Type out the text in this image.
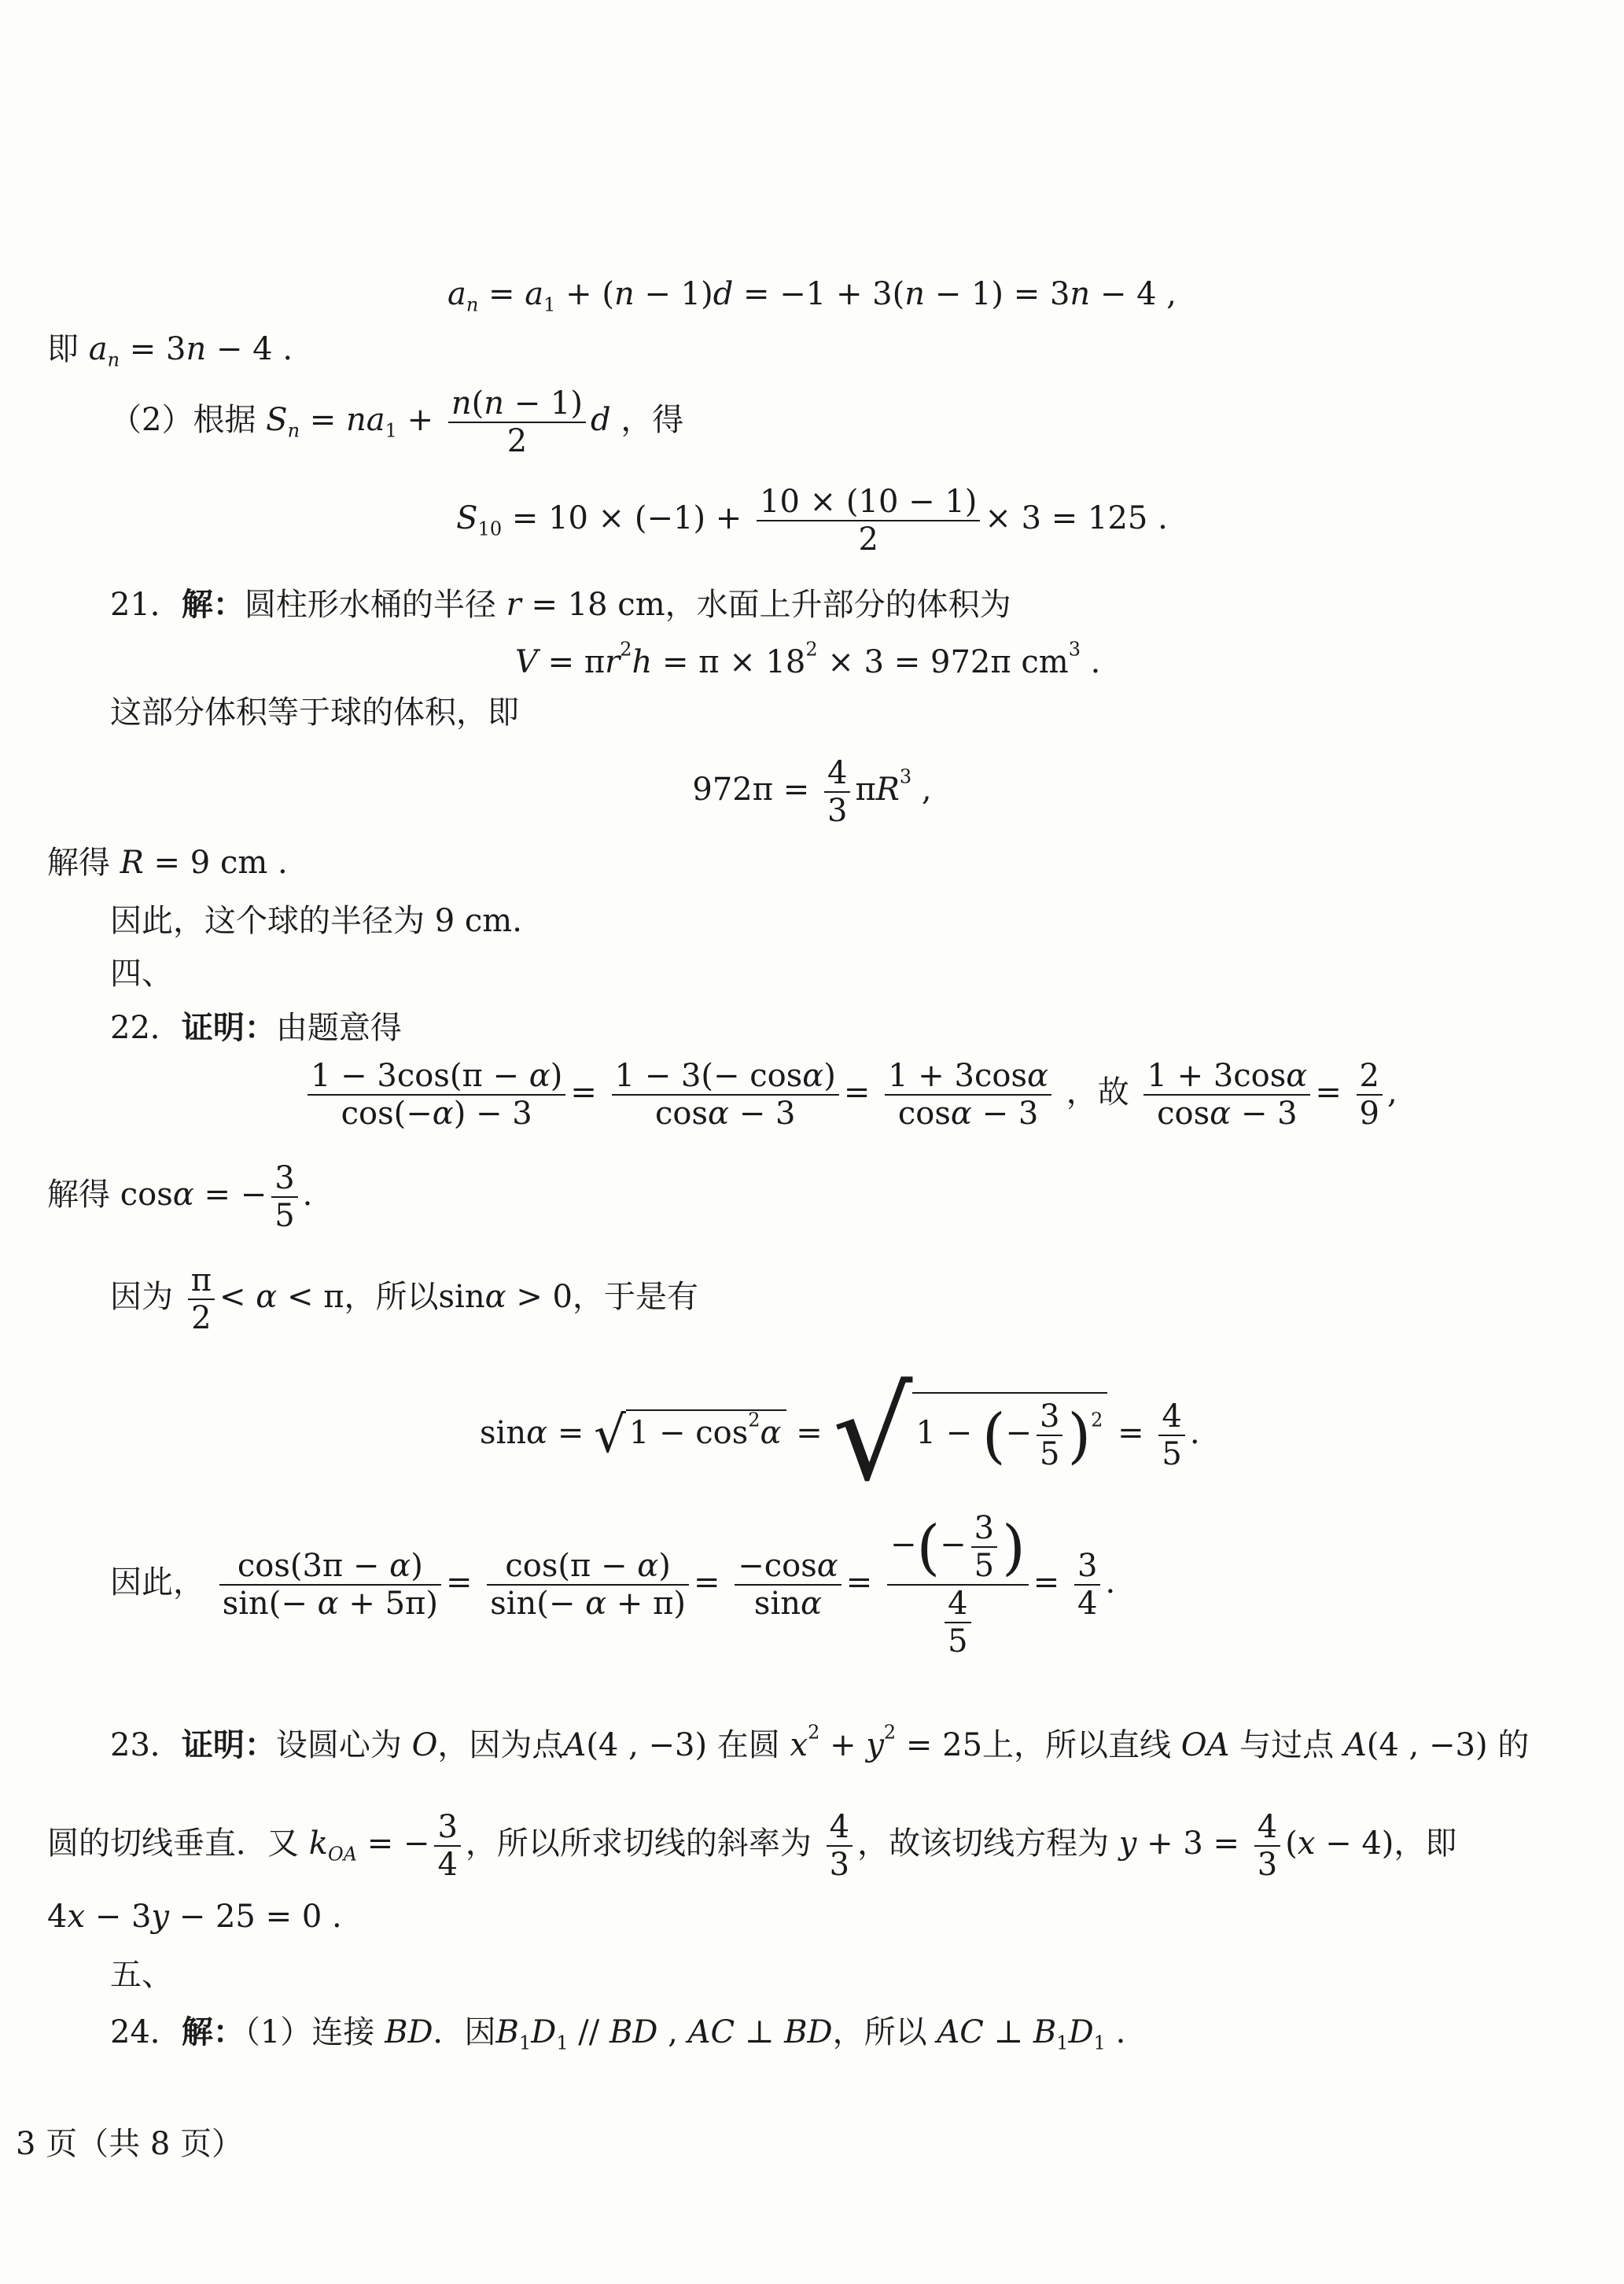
$a_n = a_1 + (n - 1)d = -1 + 3(n - 1) = 3n - 4$ ,
即 $a_n = 3n - 4$ .
（2）根据 $S_n = na_1 + \frac{n(n - 1)}{2}$ d ，得
$S_{10} = 10 \times (-1) + \frac{10 \times (10 - 1)}{2} \times 3 = 125$ .
21．解：圆柱形水桶的半径 r = 18 cm，水面上升部分的体积为
$V = \pi r^2h = \pi \times 18^2 \times 3 = 972\pi$ $cm^3$ .
这部分体积等于球的体积，即
$972\pi = \frac{4}{3} \pi R^3$ ,
解得 R = 9 cm .
因此，这个球的半径为 9 cm.
四、
22．证明：由题意得
$\frac{1 - 3\cos(\pi - \alpha)}{\cos(-\alpha) - 3} = \frac{1 - 3(- \cos\alpha)}{\cos\alpha - 3} = \frac{1 + 3\cos\alpha}{\cos\alpha - 3}$ ，故 $\frac{1 + 3\cos\alpha}{\cos\alpha - 3} = \frac{2}{9}$ ,
解得 cosα = − $\frac{3}{5}$ .
因为 $\frac{\pi}{2} < \alpha < \pi$，所以sinα > 0，于是有
sinα = √ $1 - \cos^2\alpha$ = √ 1 − (− $\frac{3}{5} )^2 = \frac{4}{5}$ .
因此， $\frac{\cos(3\pi - \alpha)}{\sin(- \alpha + 5\pi)} = \frac{\cos(\pi - \alpha)}{\sin(- \alpha + \pi)} = \frac{-\cos\alpha}{\sin\alpha} = \frac{-(- \frac{3}{5} )}{\frac{4}{5}} = \frac{3}{4}$ .
23．证明：设圆心为 O，因为点A(4 , −3) 在圆 $x^2 + y^2 = 25$上，所以直线 OA 与过点 A(4 , −3) 的
圆的切线垂直．又 $k_{OA}$ = − $\frac{3}{4}$ ，所以所求切线的斜率为 $\frac{4}{3}$ ，故该切线方程为 $y + 3 = \frac{4}{3} (x - 4)$，即
4x − 3y − 25 = 0 .
五、
24．解：（1）连接 BD．因$B_1D_1$ // BD , AC ⊥ BD，所以 AC ⊥ $B_1D_1$ .
3 页（共 8 页）
